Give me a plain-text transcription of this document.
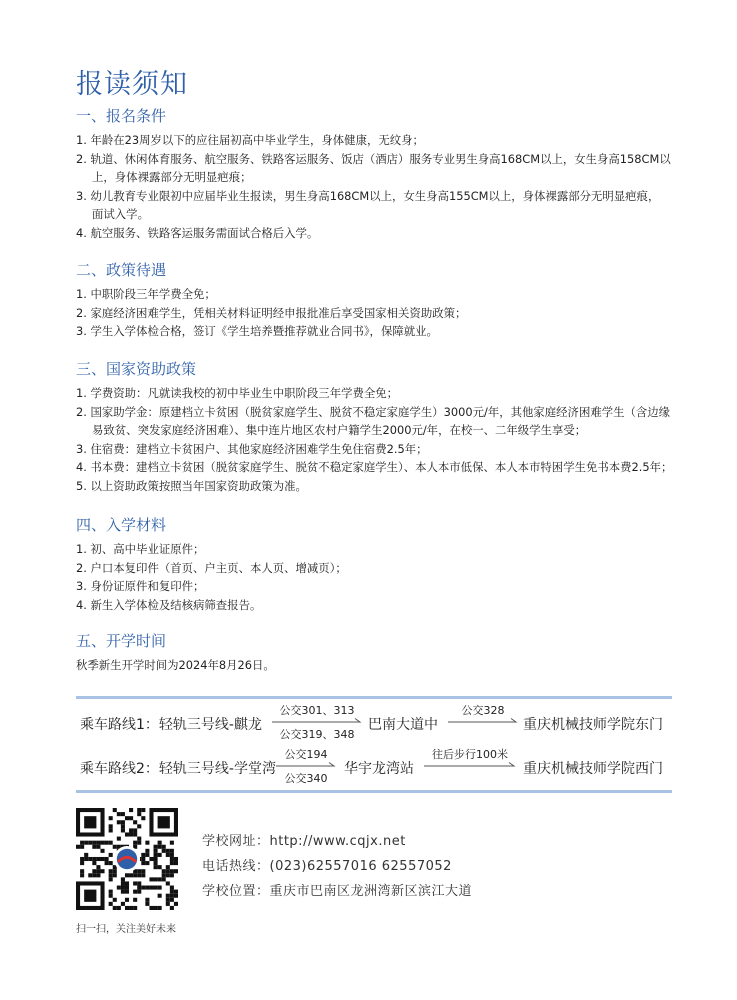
报读须知
一、报名条件
1. 年龄在23周岁以下的应往届初高中毕业学生，身体健康，无纹身；
2. 轨道、休闲体育服务、航空服务、铁路客运服务、饭店（酒店）服务专业男生身高168CM以上，女生身高158CM以
上，身体裸露部分无明显疤痕；
3. 幼儿教育专业限初中应届毕业生报读，男生身高168CM以上，女生身高155CM以上，身体裸露部分无明显疤痕，
面试入学。
4. 航空服务、铁路客运服务需面试合格后入学。
二、政策待遇
1. 中职阶段三年学费全免；
2. 家庭经济困难学生，凭相关材料证明经申报批准后享受国家相关资助政策；
3. 学生入学体检合格，签订《学生培养暨推荐就业合同书》，保障就业。
三、国家资助政策
1. 学费资助：凡就读我校的初中毕业生中职阶段三年学费全免；
2. 国家助学金：原建档立卡贫困（脱贫家庭学生、脱贫不稳定家庭学生）3000元/年，其他家庭经济困难学生（含边缘
易致贫、突发家庭经济困难）、集中连片地区农村户籍学生2000元/年，在校一、二年级学生享受；
3. 住宿费：建档立卡贫困户、其他家庭经济困难学生免住宿费2.5年；
4. 书本费：建档立卡贫困（脱贫家庭学生、脱贫不稳定家庭学生）、本人本市低保、本人本市特困学生免书本费2.5年；
5. 以上资助政策按照当年国家资助政策为准。
四、入学材料
1. 初、高中毕业证原件；
2. 户口本复印件（首页、户主页、本人页、增减页）；
3. 身份证原件和复印件；
4. 新生入学体检及结核病筛查报告。
五、开学时间
秋季新生开学时间为2024年8月26日。
乘车路线1：轻轨三号线-麒龙	巴南大道中	重庆机械技师学院东门
公交301、313
公交319、348
公交328
乘车路线2：轻轨三号线-学堂湾	华宇龙湾站	重庆机械技师学院西门
公交194
公交340
往后步行100米
扫一扫，关注美好未来
学校网址：http://www.cqjx.net
电话热线：(023)62557016 62557052
学校位置：重庆市巴南区龙洲湾新区滨江大道
